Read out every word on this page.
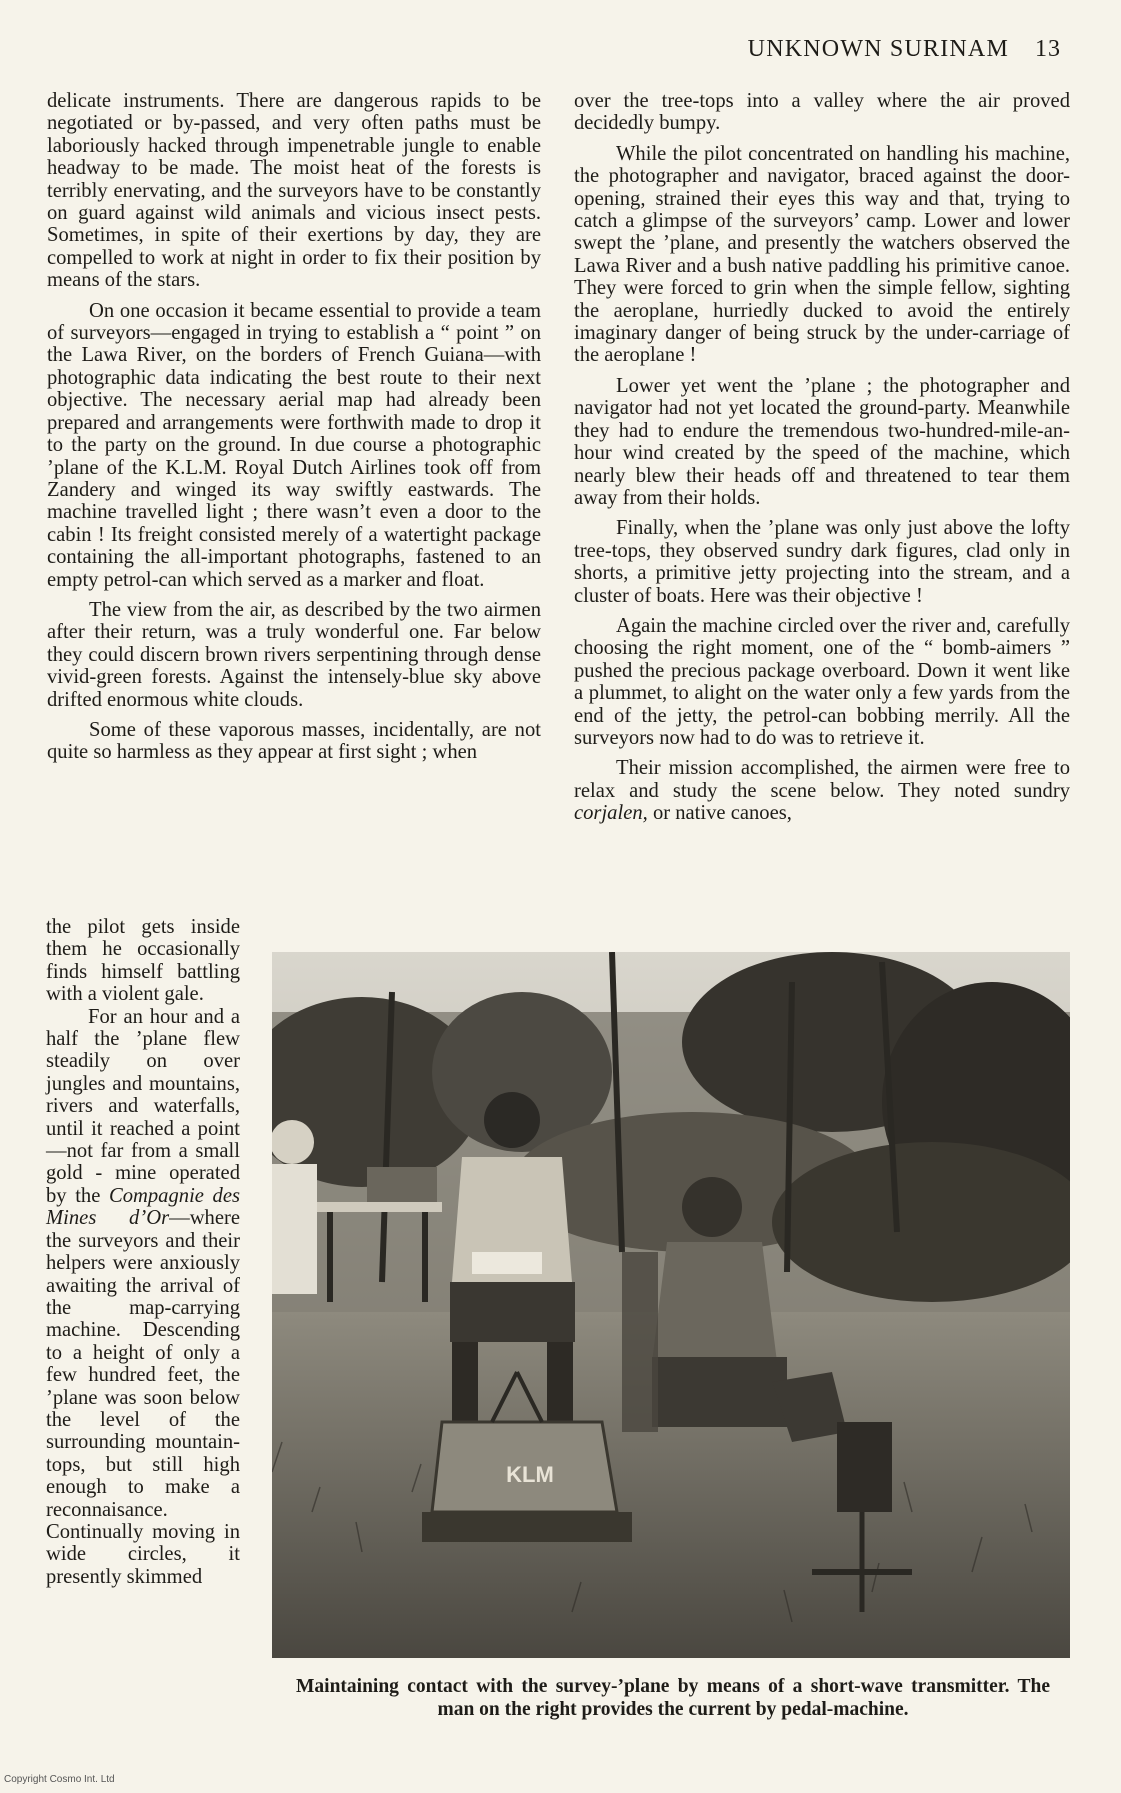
UNKNOWN SURINAM 13

delicate instruments. There are dangerous rapids to be negotiated or by-passed, and very often paths must be laboriously hacked through impenetrable jungle to enable headway to be made. The moist heat of the forests is terribly enervating, and the surveyors have to be constantly on guard against wild animals and vicious insect pests. Sometimes, in spite of their exertions by day, they are compelled to work at night in order to fix their position by means of the stars.

On one occasion it became essential to provide a team of surveyors—engaged in trying to establish a “ point ” on the Lawa River, on the borders of French Guiana—with photographic data indicating the best route to their next objective. The necessary aerial map had already been prepared and arrangements were forthwith made to drop it to the party on the ground. In due course a photographic ’plane of the K.L.M. Royal Dutch Airlines took off from Zandery and winged its way swiftly eastwards. The machine travelled light ; there wasn’t even a door to the cabin ! Its freight consisted merely of a watertight package containing the all-important photographs, fastened to an empty petrol-can which served as a marker and float.

The view from the air, as described by the two airmen after their return, was a truly wonderful one. Far below they could discern brown rivers serpentining through dense vivid-green forests. Against the intensely-blue sky above drifted enormous white clouds.

Some of these vaporous masses, incidentally, are not quite so harmless as they appear at first sight ; when

the pilot gets inside them he occasionally finds himself battling with a violent gale.

For an hour and a half the ’plane flew steadily on over jungles and mountains, rivers and waterfalls, until it reached a point —not far from a small gold - mine operated by the Compagnie des Mines d’Or—where the surveyors and their helpers were anxiously awaiting the arrival of the map-carrying machine. Descending to a height of only a few hundred feet, the ’plane was soon below the level of the surrounding mountain-tops, but still high enough to make a reconnaisance. Continually moving in wide circles, it presently skimmed

over the tree-tops into a valley where the air proved decidedly bumpy.

While the pilot concentrated on handling his machine, the photographer and navigator, braced against the door-opening, strained their eyes this way and that, trying to catch a glimpse of the surveyors’ camp. Lower and lower swept the ’plane, and presently the watchers observed the Lawa River and a bush native paddling his primitive canoe. They were forced to grin when the simple fellow, sighting the aeroplane, hurriedly ducked to avoid the entirely imaginary danger of being struck by the under-carriage of the aeroplane !

Lower yet went the ’plane ; the photographer and navigator had not yet located the ground-party. Meanwhile they had to endure the tremendous two-hundred-mile-an-hour wind created by the speed of the machine, which nearly blew their heads off and threatened to tear them away from their holds.

Finally, when the ’plane was only just above the lofty tree-tops, they observed sundry dark figures, clad only in shorts, a primitive jetty projecting into the stream, and a cluster of boats. Here was their objective !

Again the machine circled over the river and, carefully choosing the right moment, one of the “ bomb-aimers ” pushed the precious package overboard. Down it went like a plummet, to alight on the water only a few yards from the end of the jetty, the petrol-can bobbing merrily. All the surveyors now had to do was to retrieve it.

Their mission accomplished, the airmen were free to relax and study the scene below. They noted sundry corjalen, or native canoes,

KLM
Maintaining contact with the survey-’plane by means of a short-wave transmitter. The man on the right provides the current by pedal-machine.
Copyright Cosmo Int. Ltd
